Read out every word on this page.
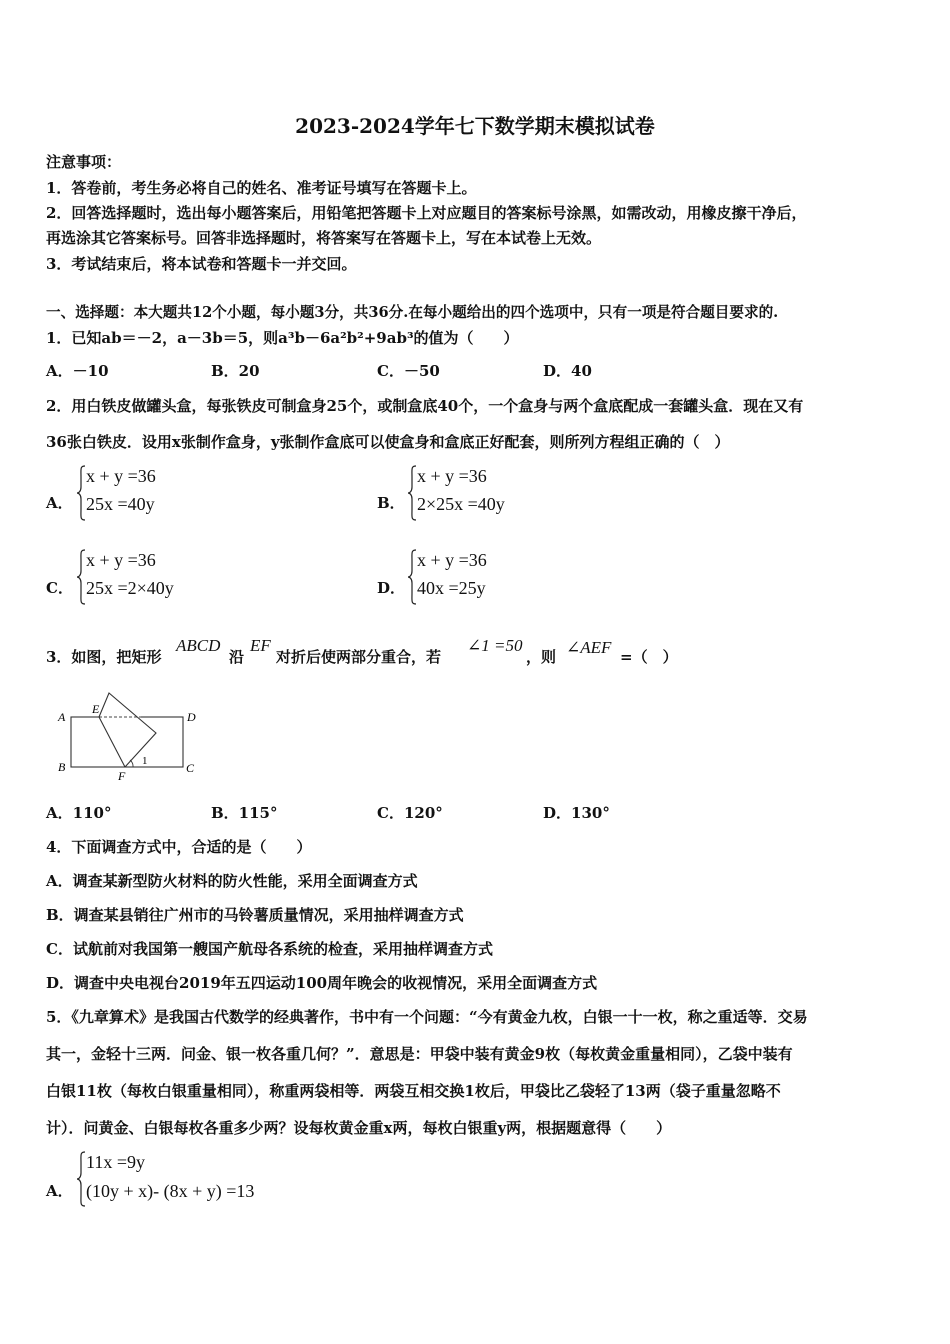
2023-2024学年七下数学期末模拟试卷
注意事项：
1．答卷前，考生务必将自己的姓名、准考证号填写在答题卡上。
2．回答选择题时，选出每小题答案后，用铅笔把答题卡上对应题目的答案标号涂黑，如需改动，用橡皮擦干净后，
再选涂其它答案标号。回答非选择题时，将答案写在答题卡上，写在本试卷上无效。
3．考试结束后，将本试卷和答题卡一并交回。
一、选择题：本大题共12个小题，每小题3分，共36分.在每小题给出的四个选项中，只有一项是符合题目要求的.
1．已知ab＝－2，a－3b＝5，则a³b－6a²b²+9ab³的值为（　　）
A．－10	B．20	C．－50	D．40
2．用白铁皮做罐头盒，每张铁皮可制盒身25个，或制盒底40个，一个盒身与两个盒底配成一套罐头盒．现在又有
36张白铁皮．设用x张制作盒身，y张制作盒底可以使盒身和盒底正好配套，则所列方程组正确的（　）
A．
x + y =36
25x =40y	B．
x + y =36
2×25x =40y
C．
x + y =36
25x =2×40y	D．
x + y =36
40x =25y
3．如图，把矩形
ABCD
沿
EF
对折后使两部分重合，若
∠1 =50
，则 ∠AEF =（　）
A
E
D
B
F
C
1
A．110°	B．115°	C．120°	D．130°
4．下面调查方式中，合适的是（　　）
A．调查某新型防火材料的防火性能，采用全面调查方式
B．调查某县销往广州市的马铃薯质量情况，采用抽样调查方式
C．试航前对我国第一艘国产航母各系统的检查，采用抽样调查方式
D．调查中央电视台2019年五四运动100周年晚会的收视情况，采用全面调查方式
5．《九章算术》是我国古代数学的经典著作，书中有一个问题：“今有黄金九枚，白银一十一枚，称之重适等．交易
其一，金轻十三两．问金、银一枚各重几何？”．意思是：甲袋中装有黄金9枚（每枚黄金重量相同），乙袋中装有
白银11枚（每枚白银重量相同），称重两袋相等．两袋互相交换1枚后，甲袋比乙袋轻了13两（袋子重量忽略不
计）．问黄金、白银每枚各重多少两？设每枚黄金重x两，每枚白银重y两，根据题意得（　　）
A．
11x =9y
(10y + x)- (8x + y) =13
